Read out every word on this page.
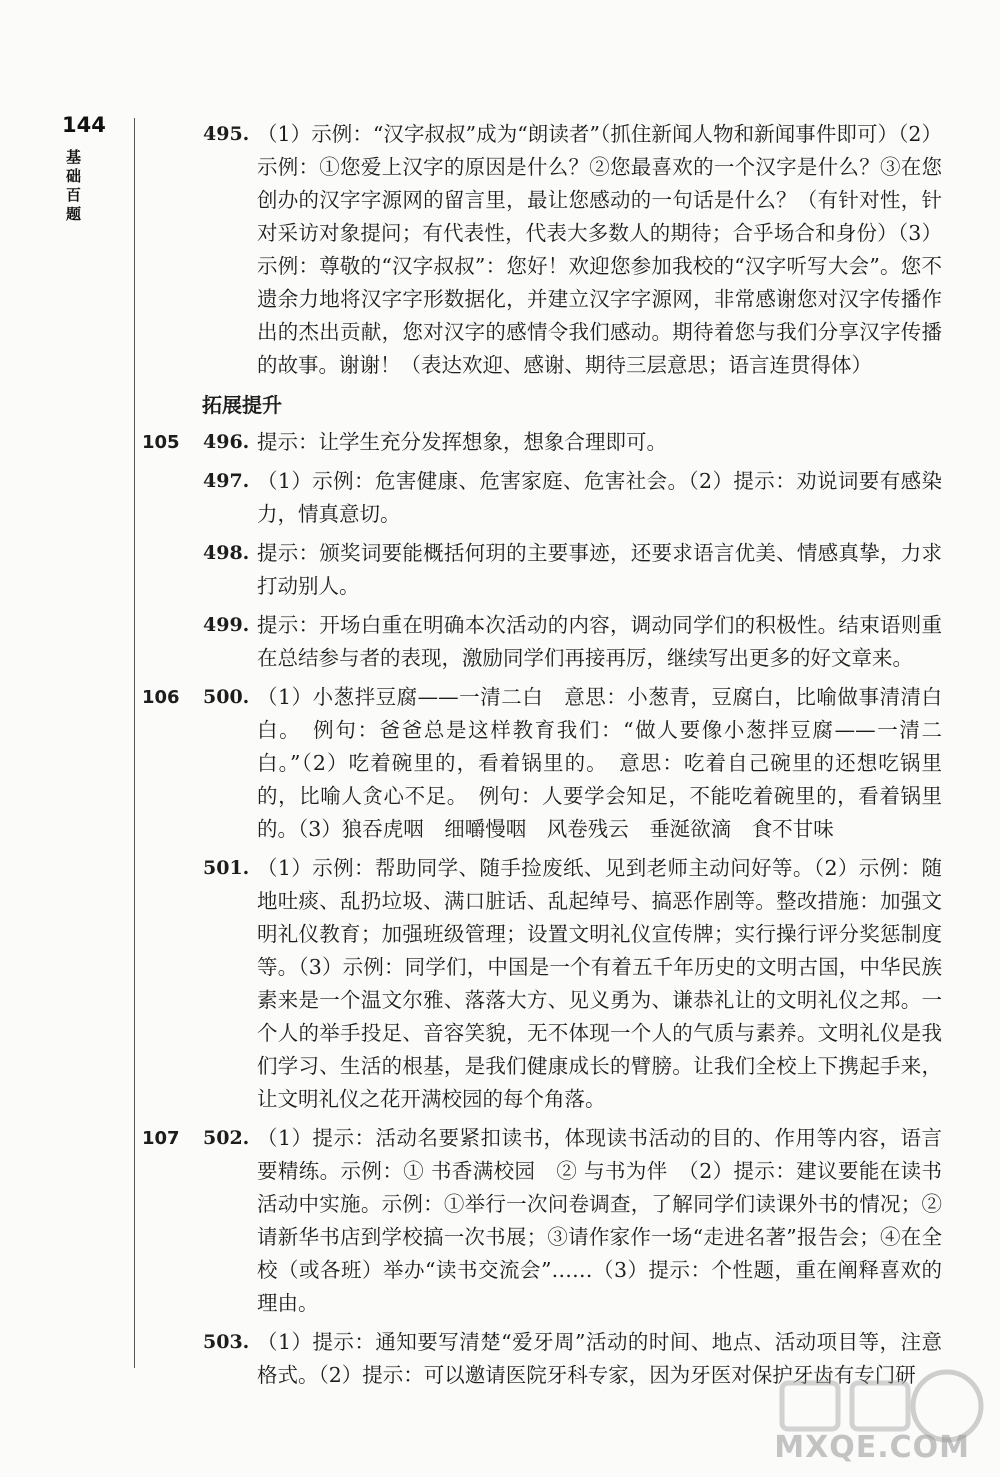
144
基础百题
495. （1）示例：“汉字叔叔”成为“朗读者”（抓住新闻人物和新闻事件即可）（2）示例：①您爱上汉字的原因是什么？②您最喜欢的一个汉字是什么？③在您创办的汉字字源网的留言里，最让您感动的一句话是什么？（有针对性，针对采访对象提问；有代表性，代表大多数人的期待；合乎场合和身份）（3）示例：尊敬的“汉字叔叔”：您好！欢迎您参加我校的“汉字听写大会”。您不遗余力地将汉字字形数据化，并建立汉字字源网，非常感谢您对汉字传播作出的杰出贡献，您对汉字的感情令我们感动。期待着您与我们分享汉字传播的故事。谢谢！（表达欢迎、感谢、期待三层意思；语言连贯得体）
拓展提升
105 496. 提示：让学生充分发挥想象，想象合理即可。
497. （1）示例：危害健康、危害家庭、危害社会。（2）提示：劝说词要有感染力，情真意切。
498. 提示：颁奖词要能概括何玥的主要事迹，还要求语言优美、情感真挚，力求打动别人。
499. 提示：开场白重在明确本次活动的内容，调动同学们的积极性。结束语则重在总结参与者的表现，激励同学们再接再厉，继续写出更多的好文章来。
106 500. （1）小葱拌豆腐——一清二白　意思：小葱青，豆腐白，比喻做事清清白白。　例句：爸爸总是这样教育我们：“做人要像小葱拌豆腐——一清二白。”（2）吃着碗里的，看着锅里的。　意思：吃着自己碗里的还想吃锅里的，比喻人贪心不足。　例句：人要学会知足，不能吃着碗里的，看着锅里的。（3）狼吞虎咽　细嚼慢咽　风卷残云　垂涎欲滴　食不甘味
501. （1）示例：帮助同学、随手捡废纸、见到老师主动问好等。（2）示例：随地吐痰、乱扔垃圾、满口脏话、乱起绰号、搞恶作剧等。整改措施：加强文明礼仪教育；加强班级管理；设置文明礼仪宣传牌；实行操行评分奖惩制度等。（3）示例：同学们，中国是一个有着五千年历史的文明古国，中华民族素来是一个温文尔雅、落落大方、见义勇为、谦恭礼让的文明礼仪之邦。一个人的举手投足、音容笑貌，无不体现一个人的气质与素养。文明礼仪是我们学习、生活的根基，是我们健康成长的臂膀。让我们全校上下携起手来，让文明礼仪之花开满校园的每个角落。
107 502. （1）提示：活动名要紧扣读书，体现读书活动的目的、作用等内容，语言要精练。示例：① 书香满校园　② 与书为伴　（2）提示：建议要能在读书活动中实施。示例：①举行一次问卷调查，了解同学们读课外书的情况；②请新华书店到学校搞一次书展；③请作家作一场“走进名著”报告会；④在全校（或各班）举办“读书交流会”……（3）提示：个性题，重在阐释喜欢的理由。
503. （1）提示：通知要写清楚“爱牙周”活动的时间、地点、活动项目等，注意格式。（2）提示：可以邀请医院牙科专家，因为牙医对保护牙齿有专门研
MXQE.COM
